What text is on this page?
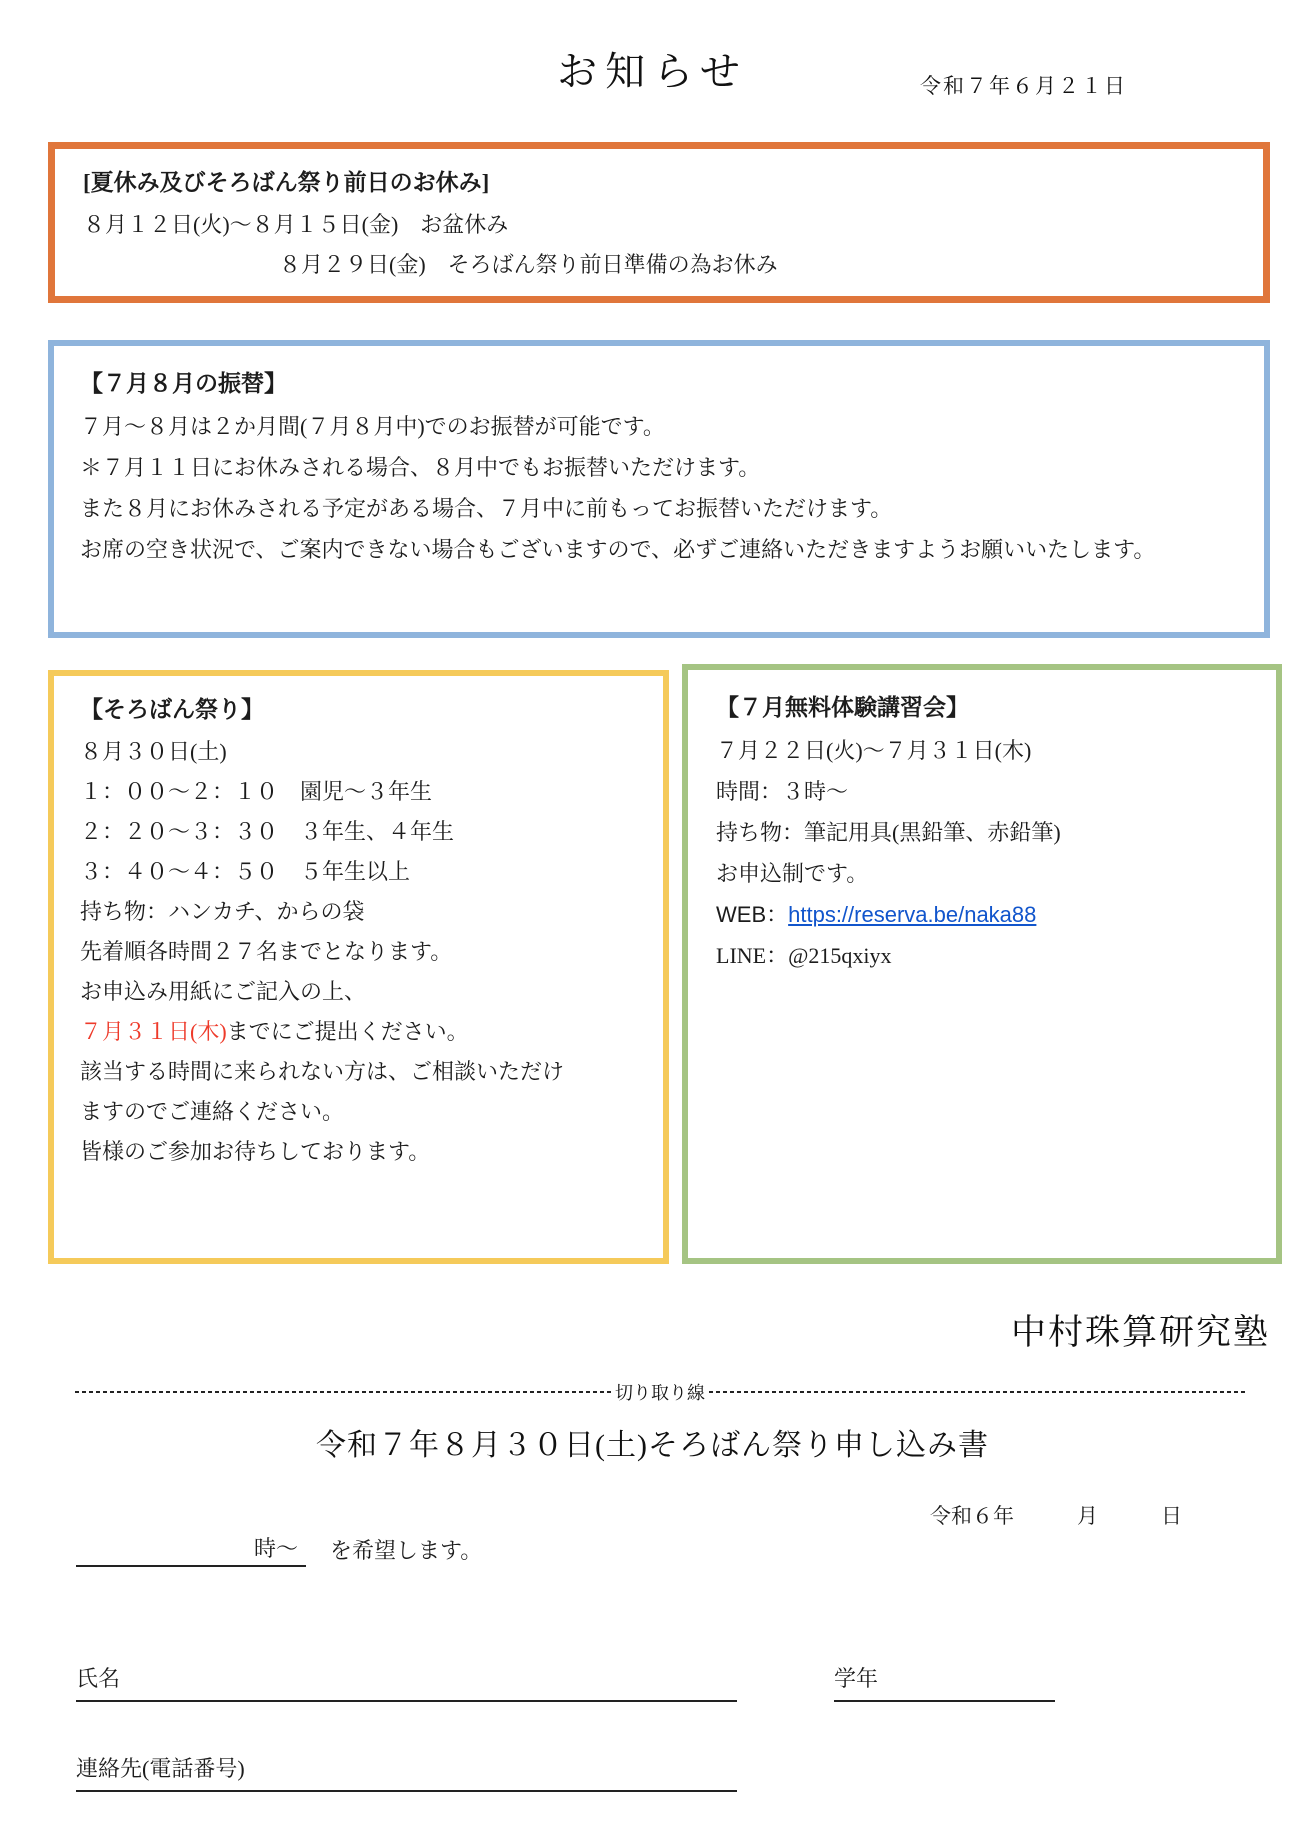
お知らせ	令和７年６月２１日
[夏休み及びそろばん祭り前日のお休み]
８月１２日(火)～８月１５日(金)　お盆休み
８月２９日(金)　そろばん祭り前日準備の為お休み
【７月８月の振替】
７月～８月は２か月間(７月８月中)でのお振替が可能です。
＊７月１１日にお休みされる場合、８月中でもお振替いただけます。
また８月にお休みされる予定がある場合、７月中に前もってお振替いただけます。
お席の空き状況で、ご案内できない場合もございますので、必ずご連絡いただきますようお願いいたします。
【そろばん祭り】
８月３０日(土)
１：００～２：１０　園児～３年生
２：２０～３：３０　３年生、４年生
３：４０～４：５０　５年生以上
持ち物：ハンカチ、からの袋
先着順各時間２７名までとなります。
お申込み用紙にご記入の上、
７月３１日(木)までにご提出ください。
該当する時間に来られない方は、ご相談いただけ
ますのでご連絡ください。
皆様のご参加お待ちしております。
【７月無料体験講習会】
７月２２日(火)～７月３１日(木)
時間：３時～
持ち物：筆記用具(黒鉛筆、赤鉛筆)
お申込制です。
WEB：https://reserva.be/naka88
LINE：@215qxiyx
中村珠算研究塾
切り取り線
令和７年８月３０日(土)そろばん祭り申し込み書
令和６年　　　月　　　日
時～	を希望します。
氏名	学年
連絡先(電話番号)
